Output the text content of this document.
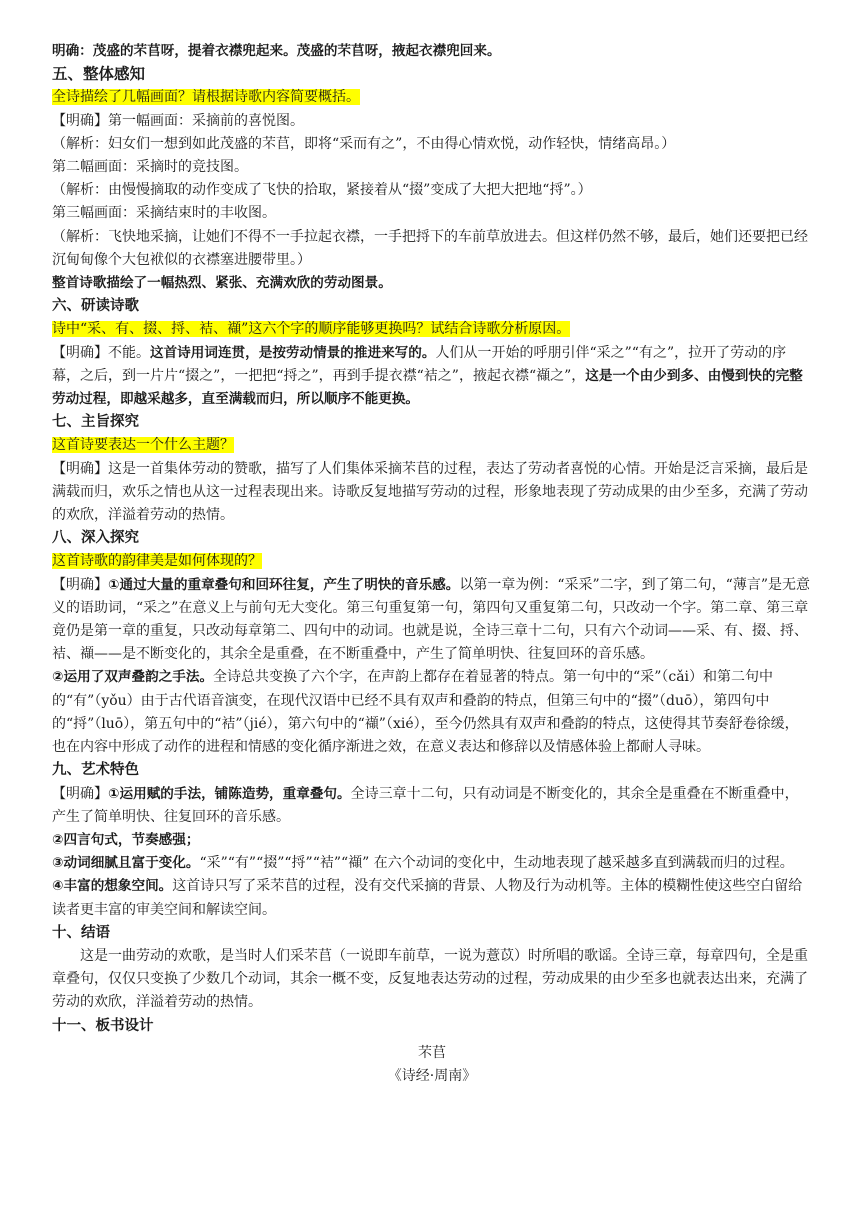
明确：茂盛的芣苢呀，提着衣襟兜起来。茂盛的芣苢呀，掖起衣襟兜回来。
五、整体感知
全诗描绘了几幅画面？请根据诗歌内容简要概括。
【明确】第一幅画面：采摘前的喜悦图。
（解析：妇女们一想到如此茂盛的芣苢，即将“采而有之”，不由得心情欢悦，动作轻快，情绪高昂。）
第二幅画面：采摘时的竞技图。
（解析：由慢慢摘取的动作变成了飞快的拾取，紧接着从“掇”变成了大把大把地“捋”。）
第三幅画面：采摘结束时的丰收图。
（解析：飞快地采摘，让她们不得不一手拉起衣襟，一手把捋下的车前草放进去。但这样仍然不够，最后，她们还要把已经沉甸甸像个大包袱似的衣襟塞进腰带里。）
整首诗歌描绘了一幅热烈、紧张、充满欢欣的劳动图景。
六、研读诗歌
诗中“采、有、掇、捋、袺、襭”这六个字的顺序能够更换吗？试结合诗歌分析原因。
【明确】不能。这首诗用词连贯，是按劳动情景的推进来写的。人们从一开始的呼朋引伴“采之”“有之”，拉开了劳动的序幕，之后，到一片片“掇之”，一把把“捋之”，再到手提衣襟“袺之”，掖起衣襟“襭之”，这是一个由少到多、由慢到快的完整劳动过程，即越采越多，直至满载而归，所以顺序不能更换。
七、主旨探究
这首诗要表达一个什么主题？
【明确】这是一首集体劳动的赞歌，描写了人们集体采摘芣苢的过程，表达了劳动者喜悦的心情。开始是泛言采摘，最后是满载而归，欢乐之情也从这一过程表现出来。诗歌反复地描写劳动的过程，形象地表现了劳动成果的由少至多，充满了劳动的欢欣，洋溢着劳动的热情。
八、深入探究
这首诗歌的韵律美是如何体现的？
【明确】①通过大量的重章叠句和回环往复，产生了明快的音乐感。以第一章为例：“采采”二字，到了第二句，“薄言”是无意义的语助词，“采之”在意义上与前句无大变化。第三句重复第一句，第四句又重复第二句，只改动一个字。第二章、第三章竟仍是第一章的重复，只改动每章第二、四句中的动词。也就是说，全诗三章十二句，只有六个动词——采、有、掇、捋、袺、襭——是不断变化的，其余全是重叠，在不断重叠中，产生了简单明快、往复回环的音乐感。
②运用了双声叠韵之手法。全诗总共变换了六个字，在声韵上都存在着显著的特点。第一句中的“采”（cǎi）和第二句中的“有”（yǒu）由于古代语音演变，在现代汉语中已经不具有双声和叠韵的特点，但第三句中的“掇”（duō），第四句中的“捋”（luō），第五句中的“袺”（jié），第六句中的“襭”（xié），至今仍然具有双声和叠韵的特点，这使得其节奏舒卷徐缓，也在内容中形成了动作的进程和情感的变化循序渐进之效，在意义表达和修辞以及情感体验上都耐人寻味。
九、艺术特色
【明确】①运用赋的手法，铺陈造势，重章叠句。全诗三章十二句，只有动词是不断变化的，其余全是重叠在不断重叠中，产生了简单明快、往复回环的音乐感。
②四言句式，节奏感强；
③动词细腻且富于变化。“采”“有”“掇”“捋”“袺”“襭” 在六个动词的变化中，生动地表现了越采越多直到满载而归的过程。
④丰富的想象空间。这首诗只写了采芣苢的过程，没有交代采摘的背景、人物及行为动机等。主体的模糊性使这些空白留给读者更丰富的审美空间和解读空间。
十、结语
这是一曲劳动的欢歌，是当时人们采芣苢（一说即车前草，一说为薏苡）时所唱的歌谣。全诗三章，每章四句，全是重章叠句，仅仅只变换了少数几个动词，其余一概不变，反复地表达劳动的过程，劳动成果的由少至多也就表达出来，充满了劳动的欢欣，洋溢着劳动的热情。
十一、板书设计
芣苢
《诗经·周南》
